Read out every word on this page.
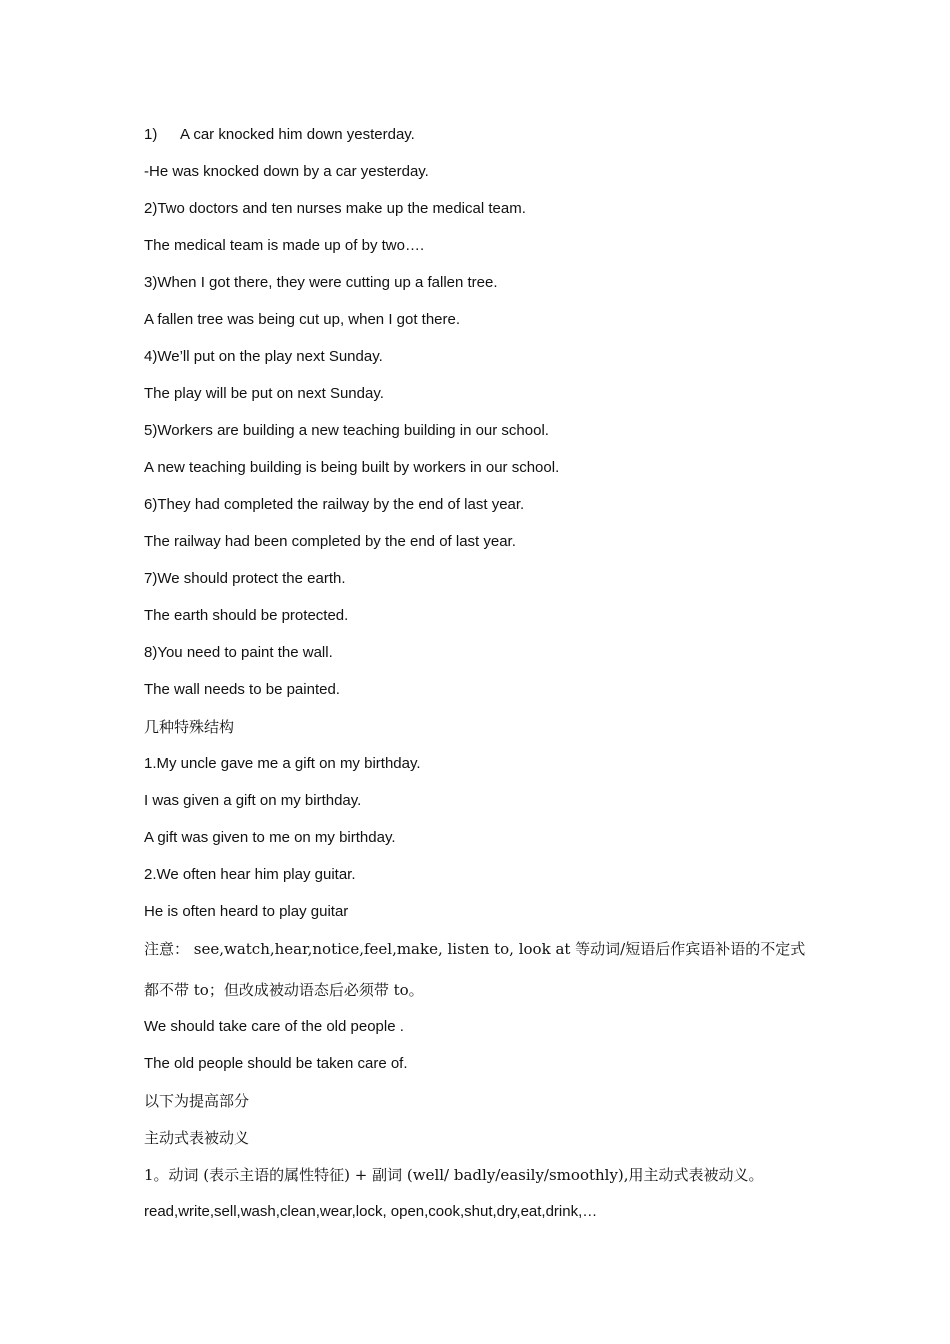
1) A car knocked him down yesterday.
-He was knocked down by a car yesterday.
2)Two doctors and ten nurses make up the medical team.
The medical team is made up of by two….
3)When I got there, they were cutting up a fallen tree.
A fallen tree was being cut up, when I got there.
4)We’ll put on the play next Sunday.
The play will be put on next Sunday.
5)Workers are building a new teaching building in our school.
A new teaching building is being built by workers in our school.
6)They had completed the railway by the end of last year.
The railway had been completed by the end of last year.
7)We should protect the earth.
The earth should be protected.
8)You need to paint the wall.
The wall needs to be painted.
几种特殊结构
1.My uncle gave me a gift on my birthday.
I was given a gift on my birthday.
A gift was given to me on my birthday.
2.We often hear him play guitar.
He is often heard to play guitar
注意： see,watch,hear,notice,feel,make, listen to, look at 等动词/短语后作宾语补语的不定式
都不带 to；但改成被动语态后必须带 to。
We should take care of the old people .
The old people should be taken care of.
以下为提高部分
主动式表被动义
1。动词 (表示主语的属性特征) + 副词 (well/ badly/easily/smoothly),用主动式表被动义。
read,write,sell,wash,clean,wear,lock, open,cook,shut,dry,eat,drink,…
